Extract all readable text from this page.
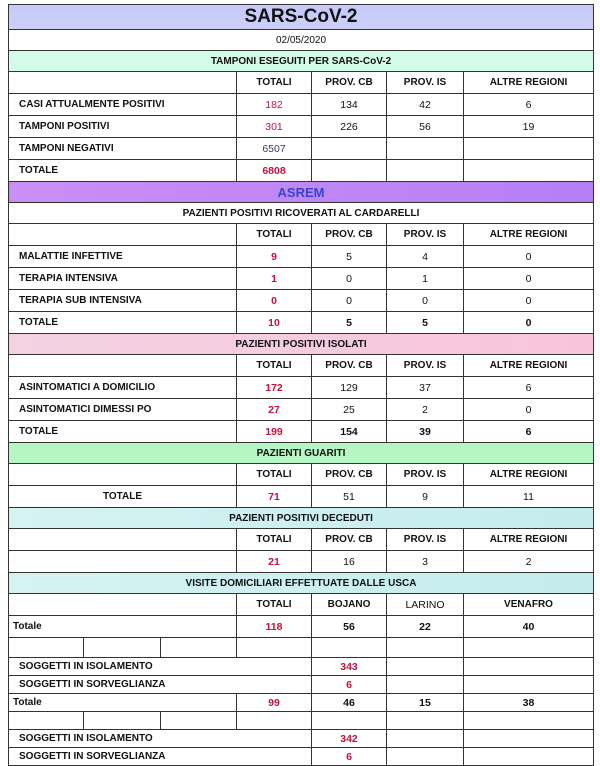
SARS-CoV-2						
02/05/2020						
TAMPONI ESEGUITI PER SARS-CoV-2						
			TOTALI	PROV. CB	PROV. IS	ALTRE REGIONI
CASI ATTUALMENTE POSITIVI			182	134	42	6
TAMPONI POSITIVI			301	226	56	19
TAMPONI NEGATIVI			6507			
TOTALE			6808			
ASREM						
PAZIENTI POSITIVI RICOVERATI AL CARDARELLI						
			TOTALI	PROV. CB	PROV. IS	ALTRE REGIONI
MALATTIE INFETTIVE			9	5	4	0
TERAPIA INTENSIVA			1	0	1	0
TERAPIA SUB INTENSIVA			0	0	0	0
TOTALE			10	5	5	0
PAZIENTI POSITIVI ISOLATI						
			TOTALI	PROV. CB	PROV. IS	ALTRE REGIONI
ASINTOMATICI A DOMICILIO			172	129	37	6
ASINTOMATICI DIMESSI PO			27	25	2	0
TOTALE			199	154	39	6
PAZIENTI GUARITI						
			TOTALI	PROV. CB	PROV. IS	ALTRE REGIONI
TOTALE			71	51	9	11
PAZIENTI POSITIVI DECEDUTI						
			TOTALI	PROV. CB	PROV. IS	ALTRE REGIONI
			21	16	3	2
VISITE DOMICILIARI EFFETTUATE DALLE USCA						
			TOTALI	BOJANO	LARINO	VENAFRO
Totale			118	56	22	40

SOGGETTI IN ISOLAMENTO				343		
SOGGETTI IN SORVEGLIANZA				6		
Totale			99	46	15	38

SOGGETTI IN ISOLAMENTO				342		
SOGGETTI IN SORVEGLIANZA				6		
